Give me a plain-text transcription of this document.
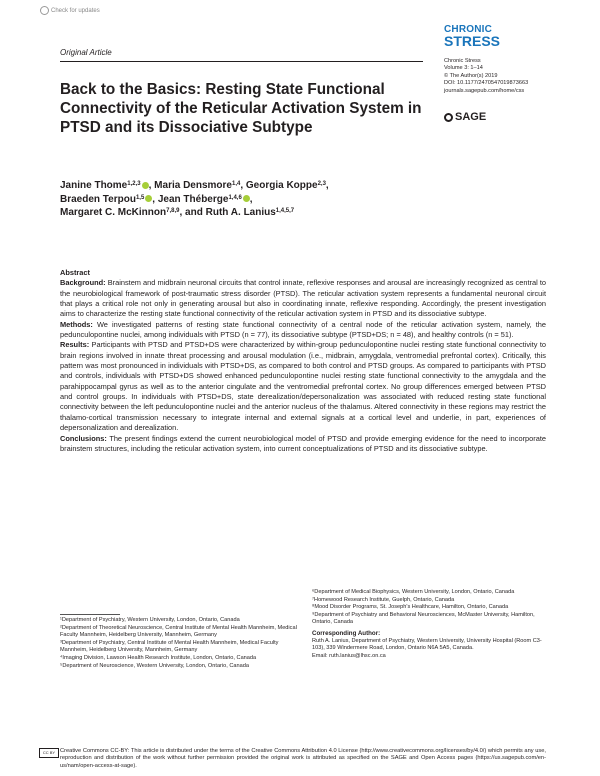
Check for updates
Original Article
CHRONIC
STRESS
Chronic Stress
Volume 3: 1–14
© The Author(s) 2019
DOI: 10.1177/2470547019873663
journals.sagepub.com/home/css
SAGE
Back to the Basics: Resting State Functional Connectivity of the Reticular Activation System in PTSD and its Dissociative Subtype
Janine Thome$^{1,2,3}$ , Maria Densmore$^{1,4}$, Georgia Koppe$^{2,3}$,
Braeden Terpou$^{1,5}$ , Jean Théberge$^{1,4,6}$ ,
Margaret C. McKinnon$^{7,8,9}$, and Ruth A. Lanius$^{1,4,5,7}$

Abstract

Background: Brainstem and midbrain neuronal circuits that control innate, reflexive responses and arousal are increasingly recognized as central to the neurobiological framework of post-traumatic stress disorder (PTSD). The reticular activation system represents a fundamental neuronal circuit that plays a critical role not only in generating arousal but also in coordinating innate, reflexive responding. Accordingly, the present investigation aims to characterize the resting state functional connectivity of the reticular activation system in PTSD and its dissociative subtype.

Methods: We investigated patterns of resting state functional connectivity of a central node of the reticular activation system, namely, the pedunculopontine nuclei, among individuals with PTSD (n = 77), its dissociative subtype (PTSD+DS; n = 48), and healthy controls (n = 51).

Results: Participants with PTSD and PTSD+DS were characterized by within-group pedunculopontine nuclei resting state functional connectivity to brain regions involved in innate threat processing and arousal modulation (i.e., midbrain, amygdala, ventromedial prefrontal cortex). Critically, this pattern was most pronounced in individuals with PTSD+DS, as compared to both control and PTSD groups. As compared to participants with PTSD and controls, individuals with PTSD+DS showed enhanced pedunculopontine nuclei resting state functional connectivity to the amygdala and the parahippocampal gyrus as well as to the anterior cingulate and the ventromedial prefrontal cortex. No group differences emerged between PTSD and control groups. In individuals with PTSD+DS, state derealization/depersonalization was associated with reduced resting state functional connectivity between the left pedunculopontine nuclei and the anterior nucleus of the thalamus. Altered connectivity in these regions may restrict the thalamo-cortical transmission necessary to integrate internal and external signals at a cortical level and underlie, in part, experiences of depersonalization and derealization.

Conclusions: The present findings extend the current neurobiological model of PTSD and provide emerging evidence for the need to incorporate brainstem structures, including the reticular activation system, into current conceptualizations of PTSD and its dissociative subtype.

¹Department of Psychiatry, Western University, London, Ontario, Canada

²Department of Theoretical Neuroscience, Central Institute of Mental Health Mannheim, Medical Faculty Mannheim, Heidelberg University, Mannheim, Germany

³Department of Psychiatry, Central Institute of Mental Health Mannheim, Medical Faculty Mannheim, Heidelberg University, Mannheim, Germany

⁴Imaging Division, Lawson Health Research Institute, London, Ontario, Canada

⁵Department of Neuroscience, Western University, London, Ontario, Canada

⁶Department of Medical Biophysics, Western University, London, Ontario, Canada

⁷Homewood Research Institute, Guelph, Ontario, Canada

⁸Mood Disorder Programs, St. Joseph's Healthcare, Hamilton, Ontario, Canada

⁹Department of Psychiatry and Behavioral Neurosciences, McMaster University, Hamilton, Ontario, Canada

Corresponding Author:

Ruth A. Lanius, Department of Psychiatry, Western University, University Hospital (Room C3-103), 339 Windermere Road, London, Ontario N6A 5A5, Canada.

Email: ruth.lanius@lhsc.on.ca

CC BY Creative Commons CC-BY: This article is distributed under the terms of the Creative Commons Attribution 4.0 License (http://www.creativecommons.org/licenses/by/4.0/) which permits any use, reproduction and distribution of the work without further permission provided the original work is attributed as specified on the SAGE and Open Access pages (https://us.sagepub.com/en-us/nam/open-access-at-sage).
